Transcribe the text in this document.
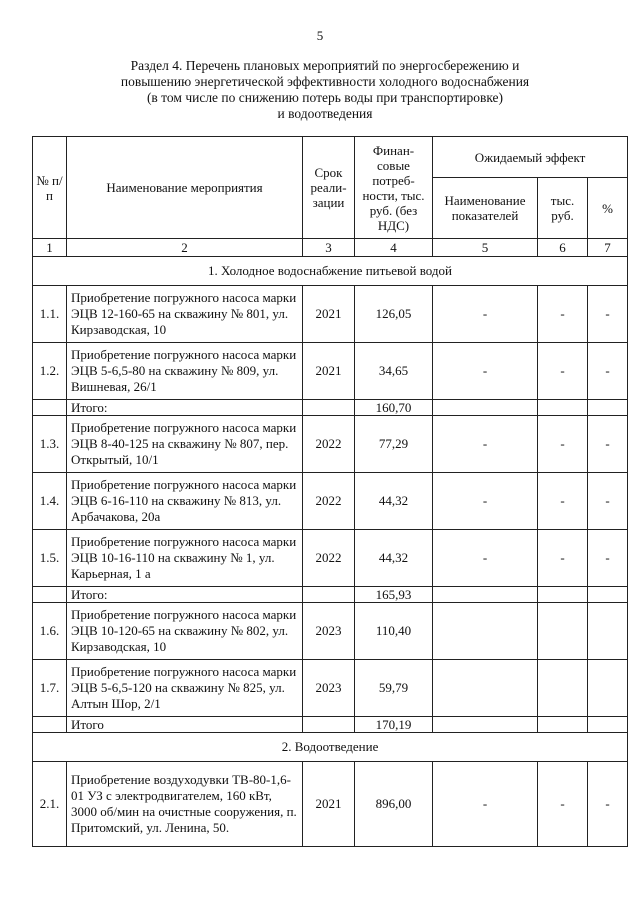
5
Раздел 4. Перечень плановых мероприятий по энергосбережению и
повышению энергетической эффективности холодного водоснабжения
(в том числе по снижению потерь воды при транспортировке)
и водоотведения
№ п/п	Наименование мероприятия	Срок реали-зации	Финан-совые потреб-ности, тыс. руб. (без НДС)	Ожидаемый эффект		
				Наименование показателей	тыс. руб.	%
1	2	3	4	5	6	7
1. Холодное водоснабжение питьевой водой						
1.1.	Приобретение погружного насоса марки ЭЦВ 12-160-65 на скважину № 801, ул. Кирзаводская, 10	2021	126,05	-	-	-
1.2.	Приобретение погружного насоса марки ЭЦВ 5-6,5-80 на скважину № 809, ул. Вишневая, 26/1	2021	34,65	-	-	-
	Итого:		160,70			
1.3.	Приобретение погружного насоса марки ЭЦВ 8-40-125 на скважину № 807, пер. Открытый, 10/1	2022	77,29	-	-	-
1.4.	Приобретение погружного насоса марки ЭЦВ 6-16-110 на скважину № 813, ул. Арбачакова, 20а	2022	44,32	-	-	-
1.5.	Приобретение погружного насоса марки ЭЦВ 10-16-110 на скважину № 1, ул. Карьерная, 1 а	2022	44,32	-	-	-
	Итого:		165,93			
1.6.	Приобретение погружного насоса марки ЭЦВ 10-120-65 на скважину № 802, ул. Кирзаводская, 10	2023	110,40			
1.7.	Приобретение погружного насоса марки ЭЦВ 5-6,5-120 на скважину № 825, ул. Алтын Шор, 2/1	2023	59,79			
	Итого		170,19			
2. Водоотведение						
2.1.	Приобретение воздуходувки ТВ-80-1,6-01 УЗ с электродвигателем, 160 кВт, 3000 об/мин на очистные сооружения, п. Притомский, ул. Ленина, 50.	2021	896,00	-	-	-
